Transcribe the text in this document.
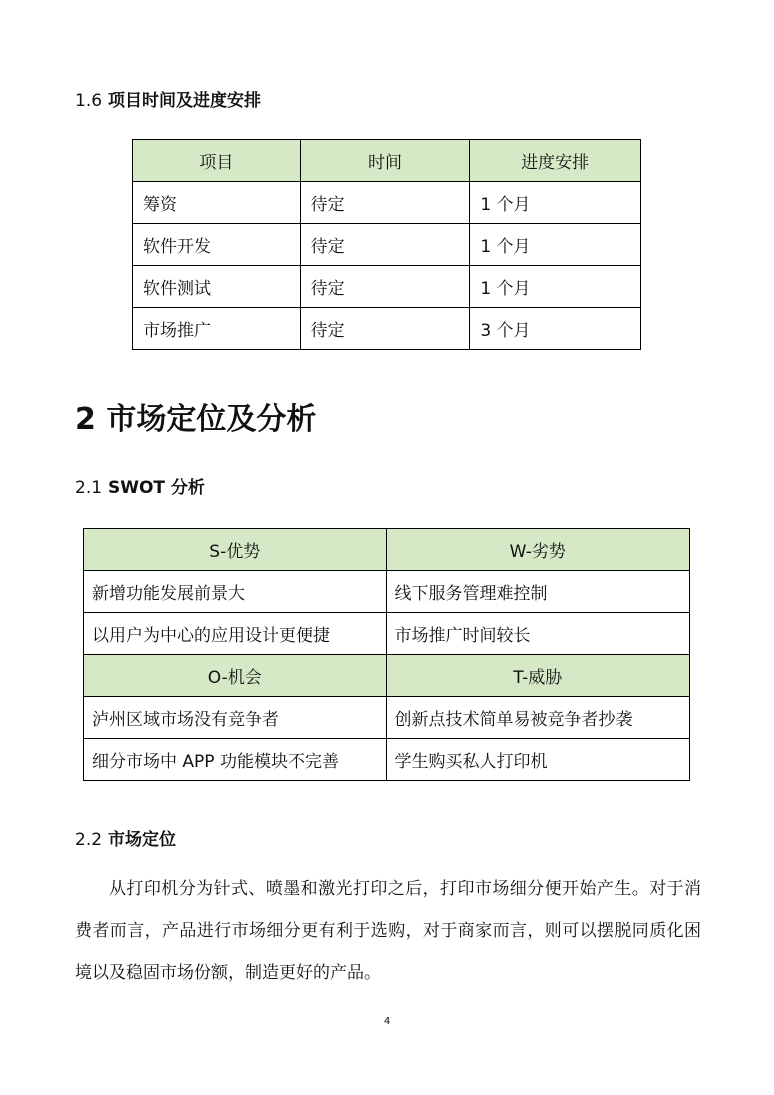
1.6 项目时间及进度安排
项目	时间	进度安排
筹资	待定	1 个月
软件开发	待定	1 个月
软件测试	待定	1 个月
市场推广	待定	3 个月
2 市场定位及分析
2.1 SWOT 分析
S-优势	W-劣势
新增功能发展前景大	线下服务管理难控制
以用户为中心的应用设计更便捷	市场推广时间较长
O-机会	T-威胁
泸州区域市场没有竞争者	创新点技术简单易被竞争者抄袭
细分市场中 APP 功能模块不完善	学生购买私人打印机
2.2 市场定位

从打印机分为针式、喷墨和激光打印之后，打印市场细分便开始产生。对于消费者而言，产品进行市场细分更有利于选购，对于商家而言，则可以摆脱同质化困境以及稳固市场份额，制造更好的产品。

4
